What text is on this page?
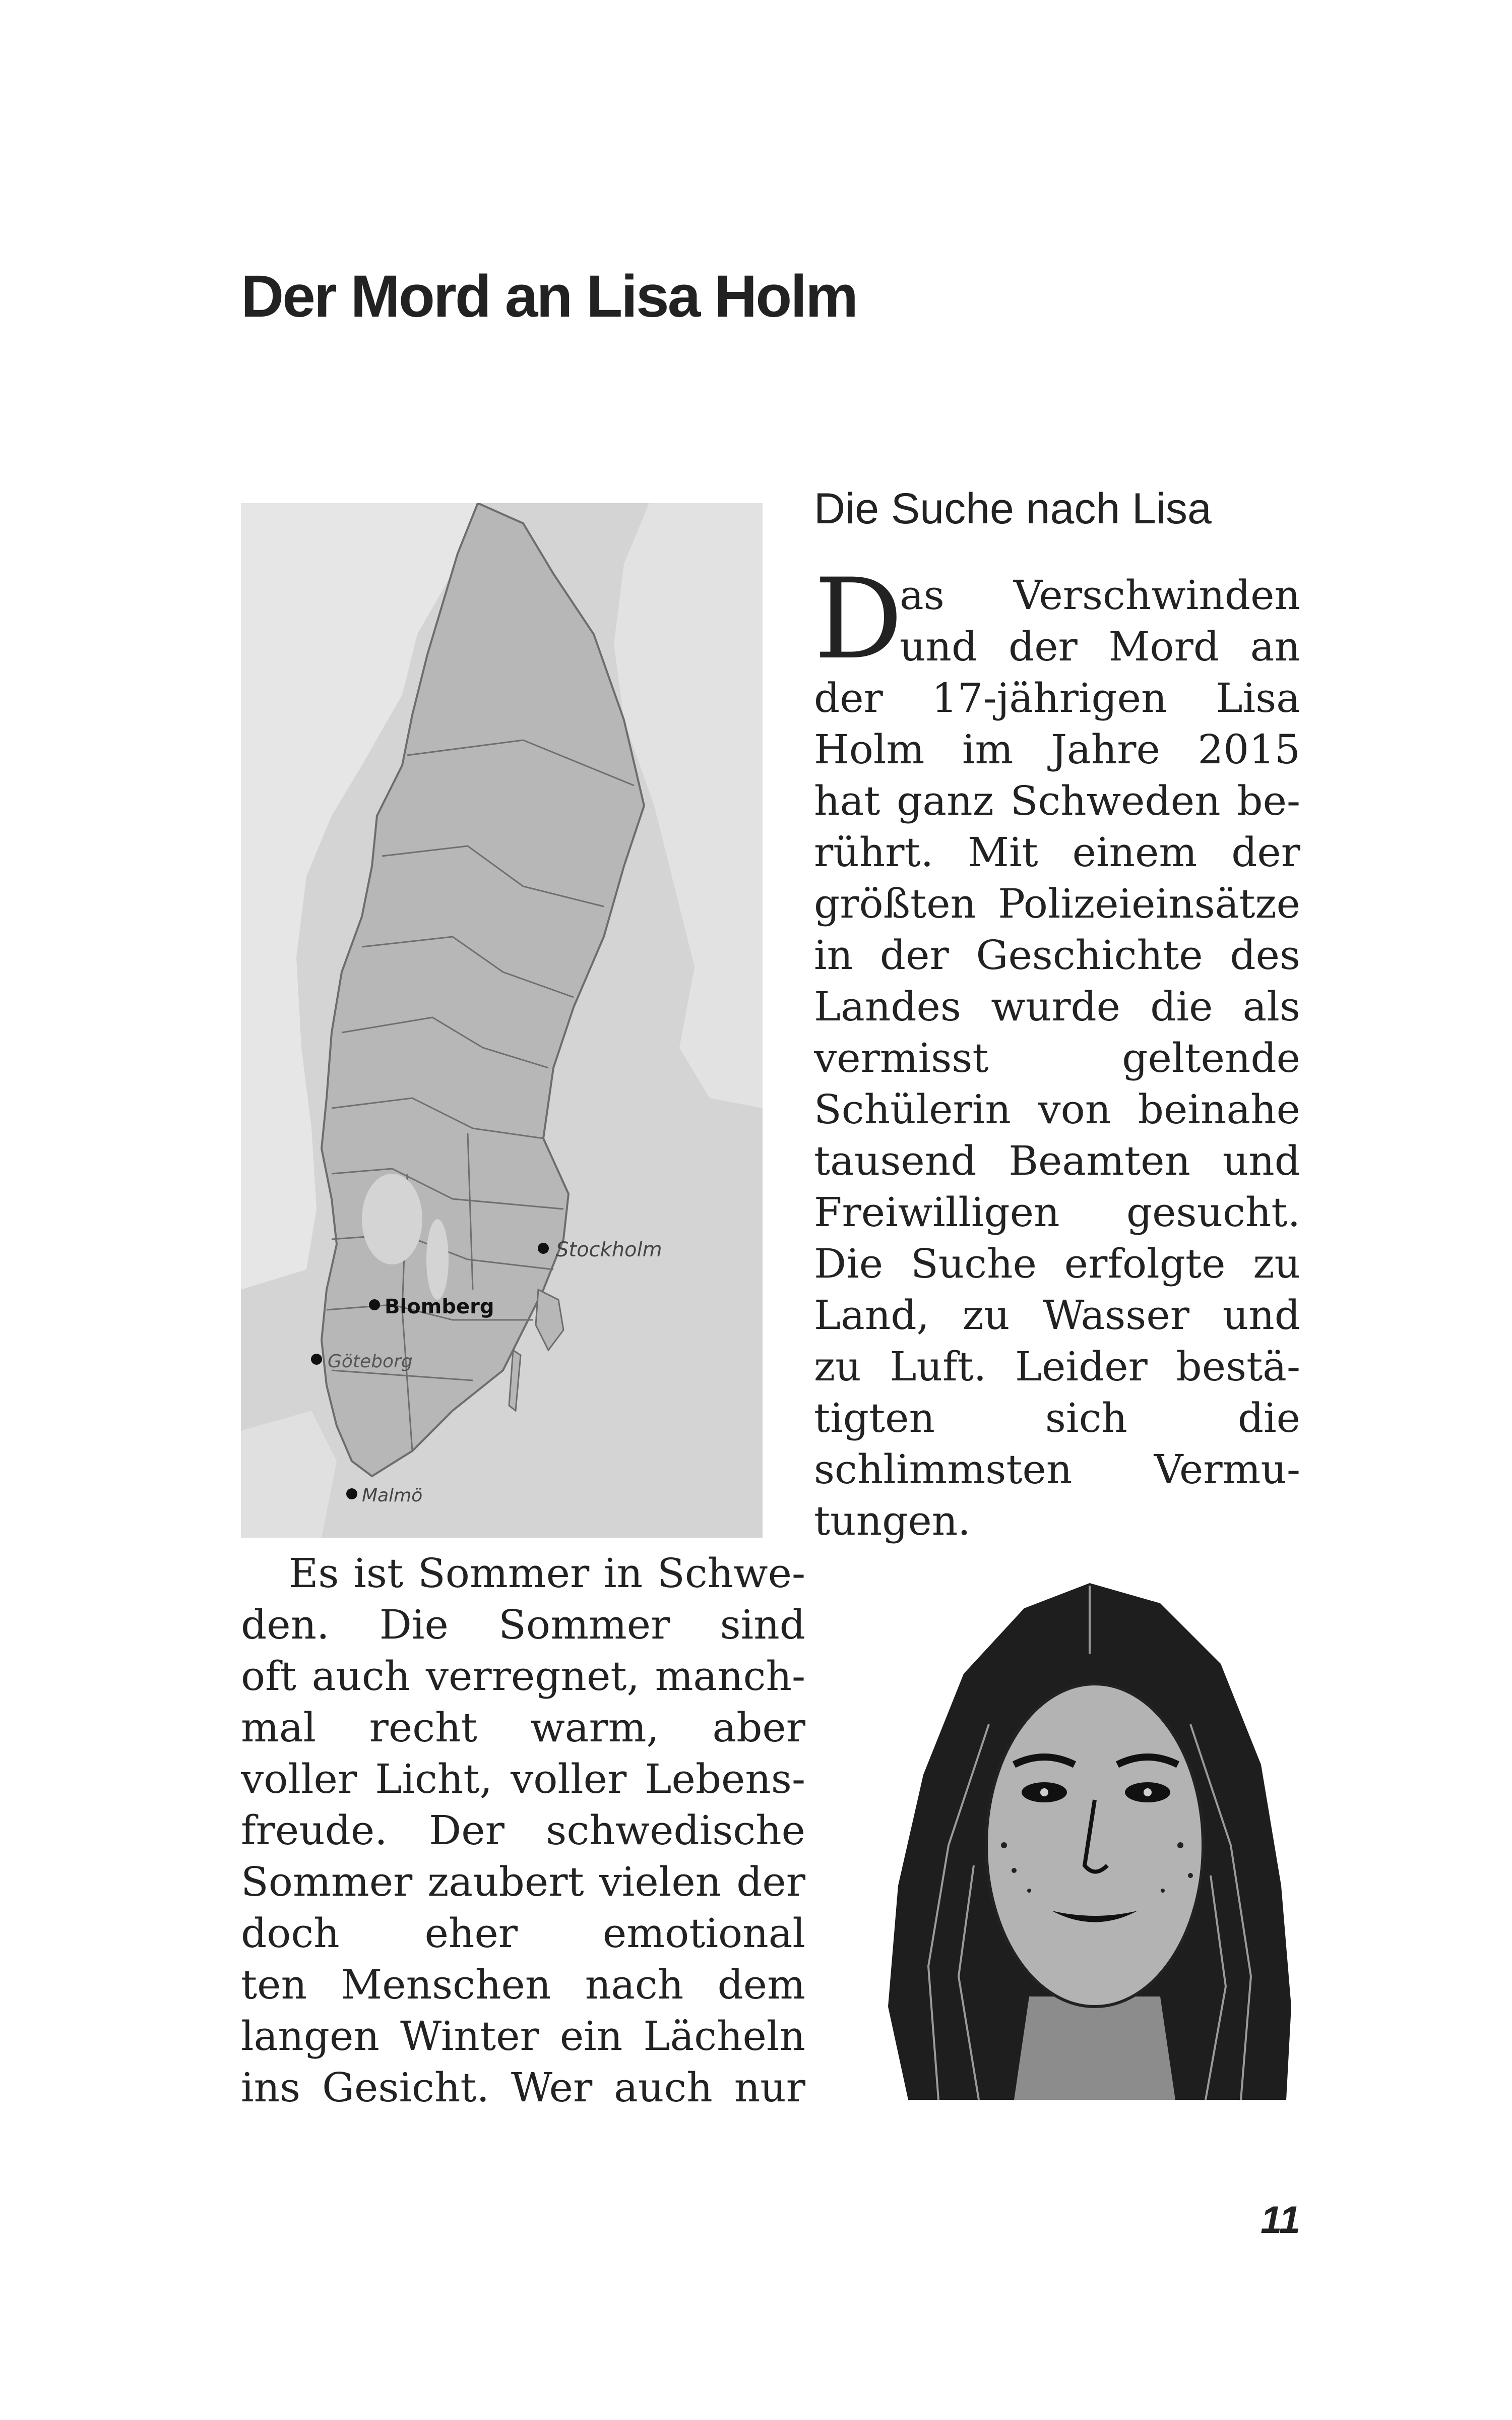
Der Mord an Lisa Holm
Stockholm
Blomberg
Göteborg
Malmö
Die Suche nach Lisa
D
as Verschwinden
und der Mord an
der 17-jährigen Lisa
Holm im Jahre 2015
hat ganz Schweden be-
rührt. Mit einem der
größten Polizeieinsätze
in der Geschichte des
Landes wurde die als
vermisst geltende
Schülerin von beinahe
tausend Beamten und
Freiwilligen gesucht.
Die Suche erfolgte zu
Land, zu Wasser und
zu Luft. Leider bestä-
tigten sich die
schlimmsten Vermu-
tungen.
Es ist Sommer in Schwe-
den. Die Sommer sind
oft auch verregnet, manch-
mal recht warm, aber
voller Licht, voller Lebens-
freude. Der schwedische
Sommer zaubert vielen der
doch eher emotional
ten Menschen nach dem
langen Winter ein Lächeln
ins Gesicht. Wer auch nur
11
